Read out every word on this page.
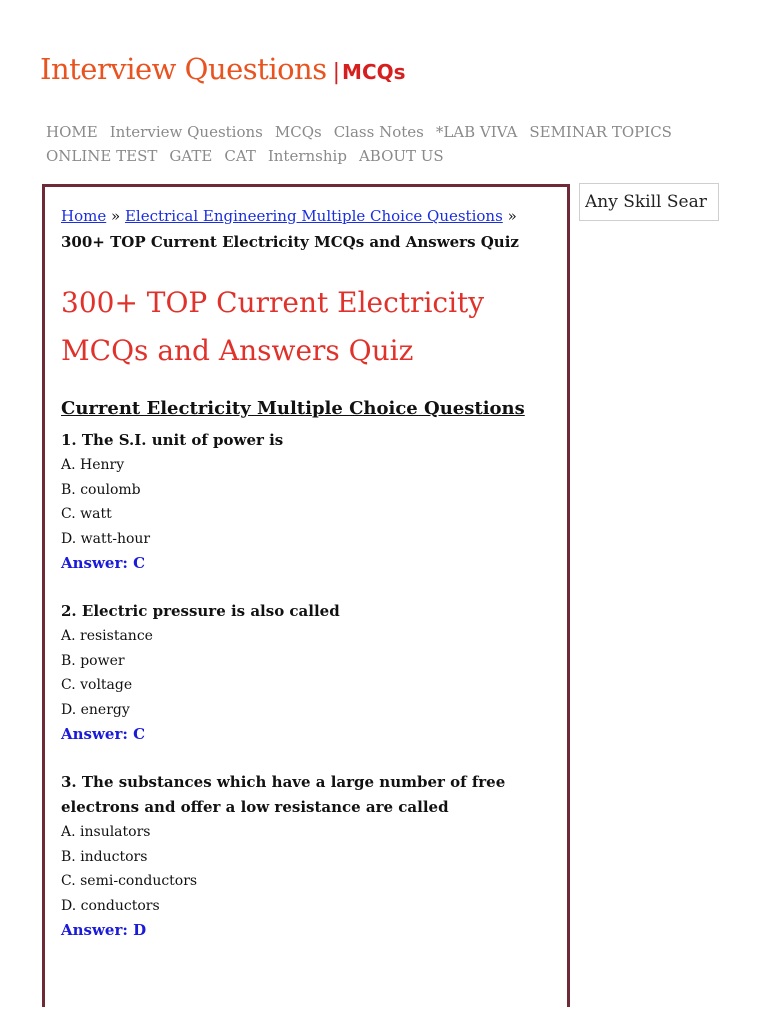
Interview Questions | MCQs
HOME Interview Questions MCQs Class Notes *LAB VIVA SEMINAR TOPICS
ONLINE TEST GATE CAT Internship ABOUT US
Any Skill Sear
Home » Electrical Engineering Multiple Choice Questions » 300+ TOP Current Electricity MCQs and Answers Quiz
300+ TOP Current Electricity MCQs and Answers Quiz
Current Electricity Multiple Choice Questions
1. The S.I. unit of power is
A. Henry
B. coulomb
C. watt
D. watt-hour
Answer: C
2. Electric pressure is also called
A. resistance
B. power
C. voltage
D. energy
Answer: C
3. The substances which have a large number of free electrons and offer a low resistance are called
A. insulators
B. inductors
C. semi-conductors
D. conductors
Answer: D
